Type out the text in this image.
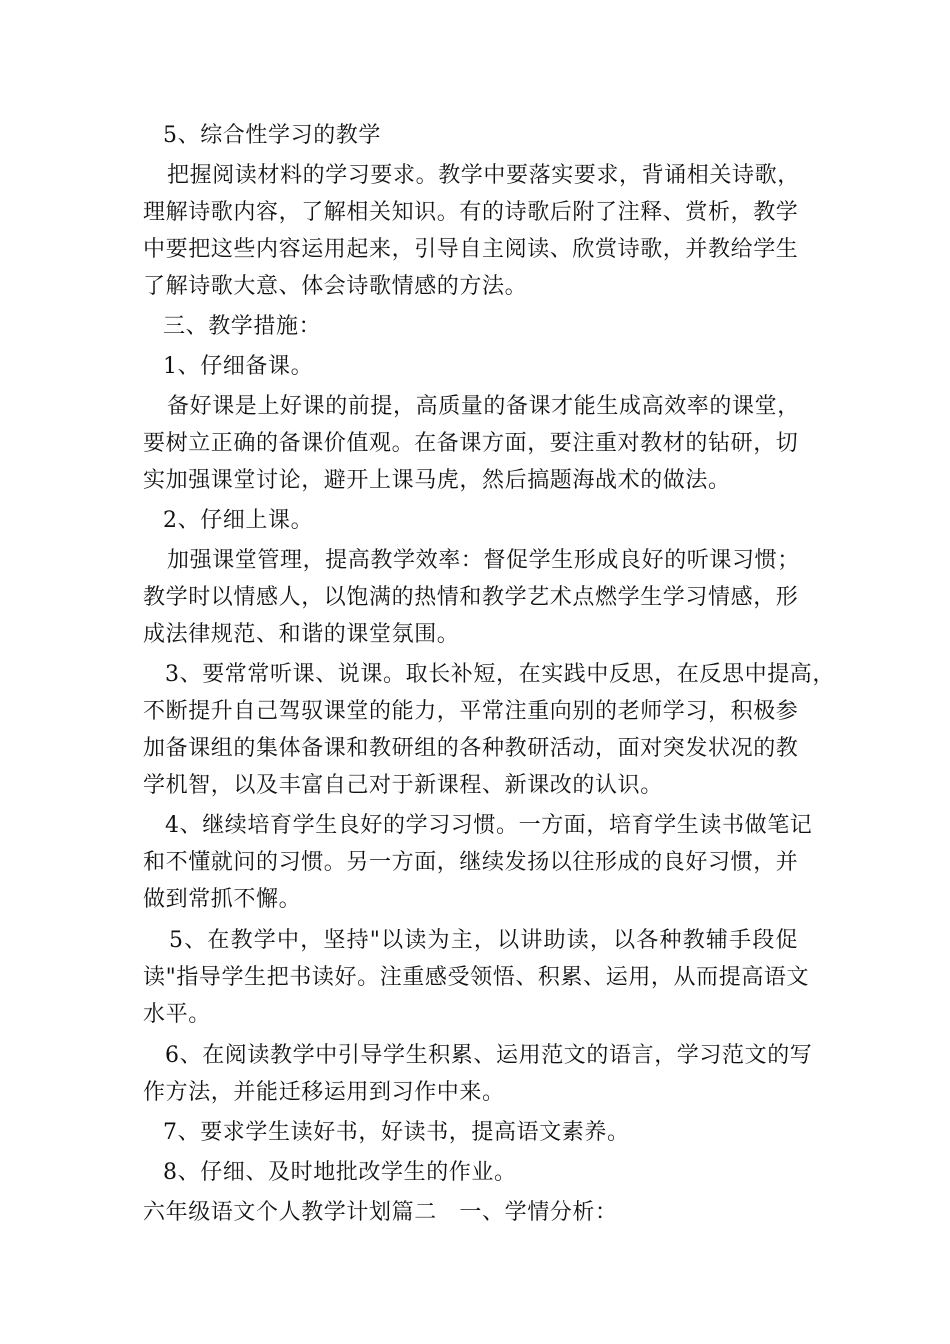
5、综合性学习的教学
把握阅读材料的学习要求。教学中要落实要求，背诵相关诗歌，
理解诗歌内容，了解相关知识。有的诗歌后附了注释、赏析，教学
中要把这些内容运用起来，引导自主阅读、欣赏诗歌，并教给学生
了解诗歌大意、体会诗歌情感的方法。
三、教学措施：
1、仔细备课。
备好课是上好课的前提，高质量的备课才能生成高效率的课堂，
要树立正确的备课价值观。在备课方面，要注重对教材的钻研，切
实加强课堂讨论，避开上课马虎，然后搞题海战术的做法。
2、仔细上课。
加强课堂管理，提高教学效率：督促学生形成良好的听课习惯；
教学时以情感人，以饱满的热情和教学艺术点燃学生学习情感，形
成法律规范、和谐的课堂氛围。
3、要常常听课、说课。取长补短，在实践中反思，在反思中提高，
不断提升自己驾驭课堂的能力，平常注重向别的老师学习，积极参
加备课组的集体备课和教研组的各种教研活动，面对突发状况的教
学机智，以及丰富自己对于新课程、新课改的认识。
4、继续培育学生良好的学习习惯。一方面，培育学生读书做笔记
和不懂就问的习惯。另一方面，继续发扬以往形成的良好习惯，并
做到常抓不懈。
5、在教学中，坚持"以读为主，以讲助读，以各种教辅手段促
读"指导学生把书读好。注重感受领悟、积累、运用，从而提高语文
水平。
6、在阅读教学中引导学生积累、运用范文的语言，学习范文的写
作方法，并能迁移运用到习作中来。
7、要求学生读好书，好读书，提高语文素养。
8、仔细、及时地批改学生的作业。
六年级语文个人教学计划篇二　一、学情分析：
